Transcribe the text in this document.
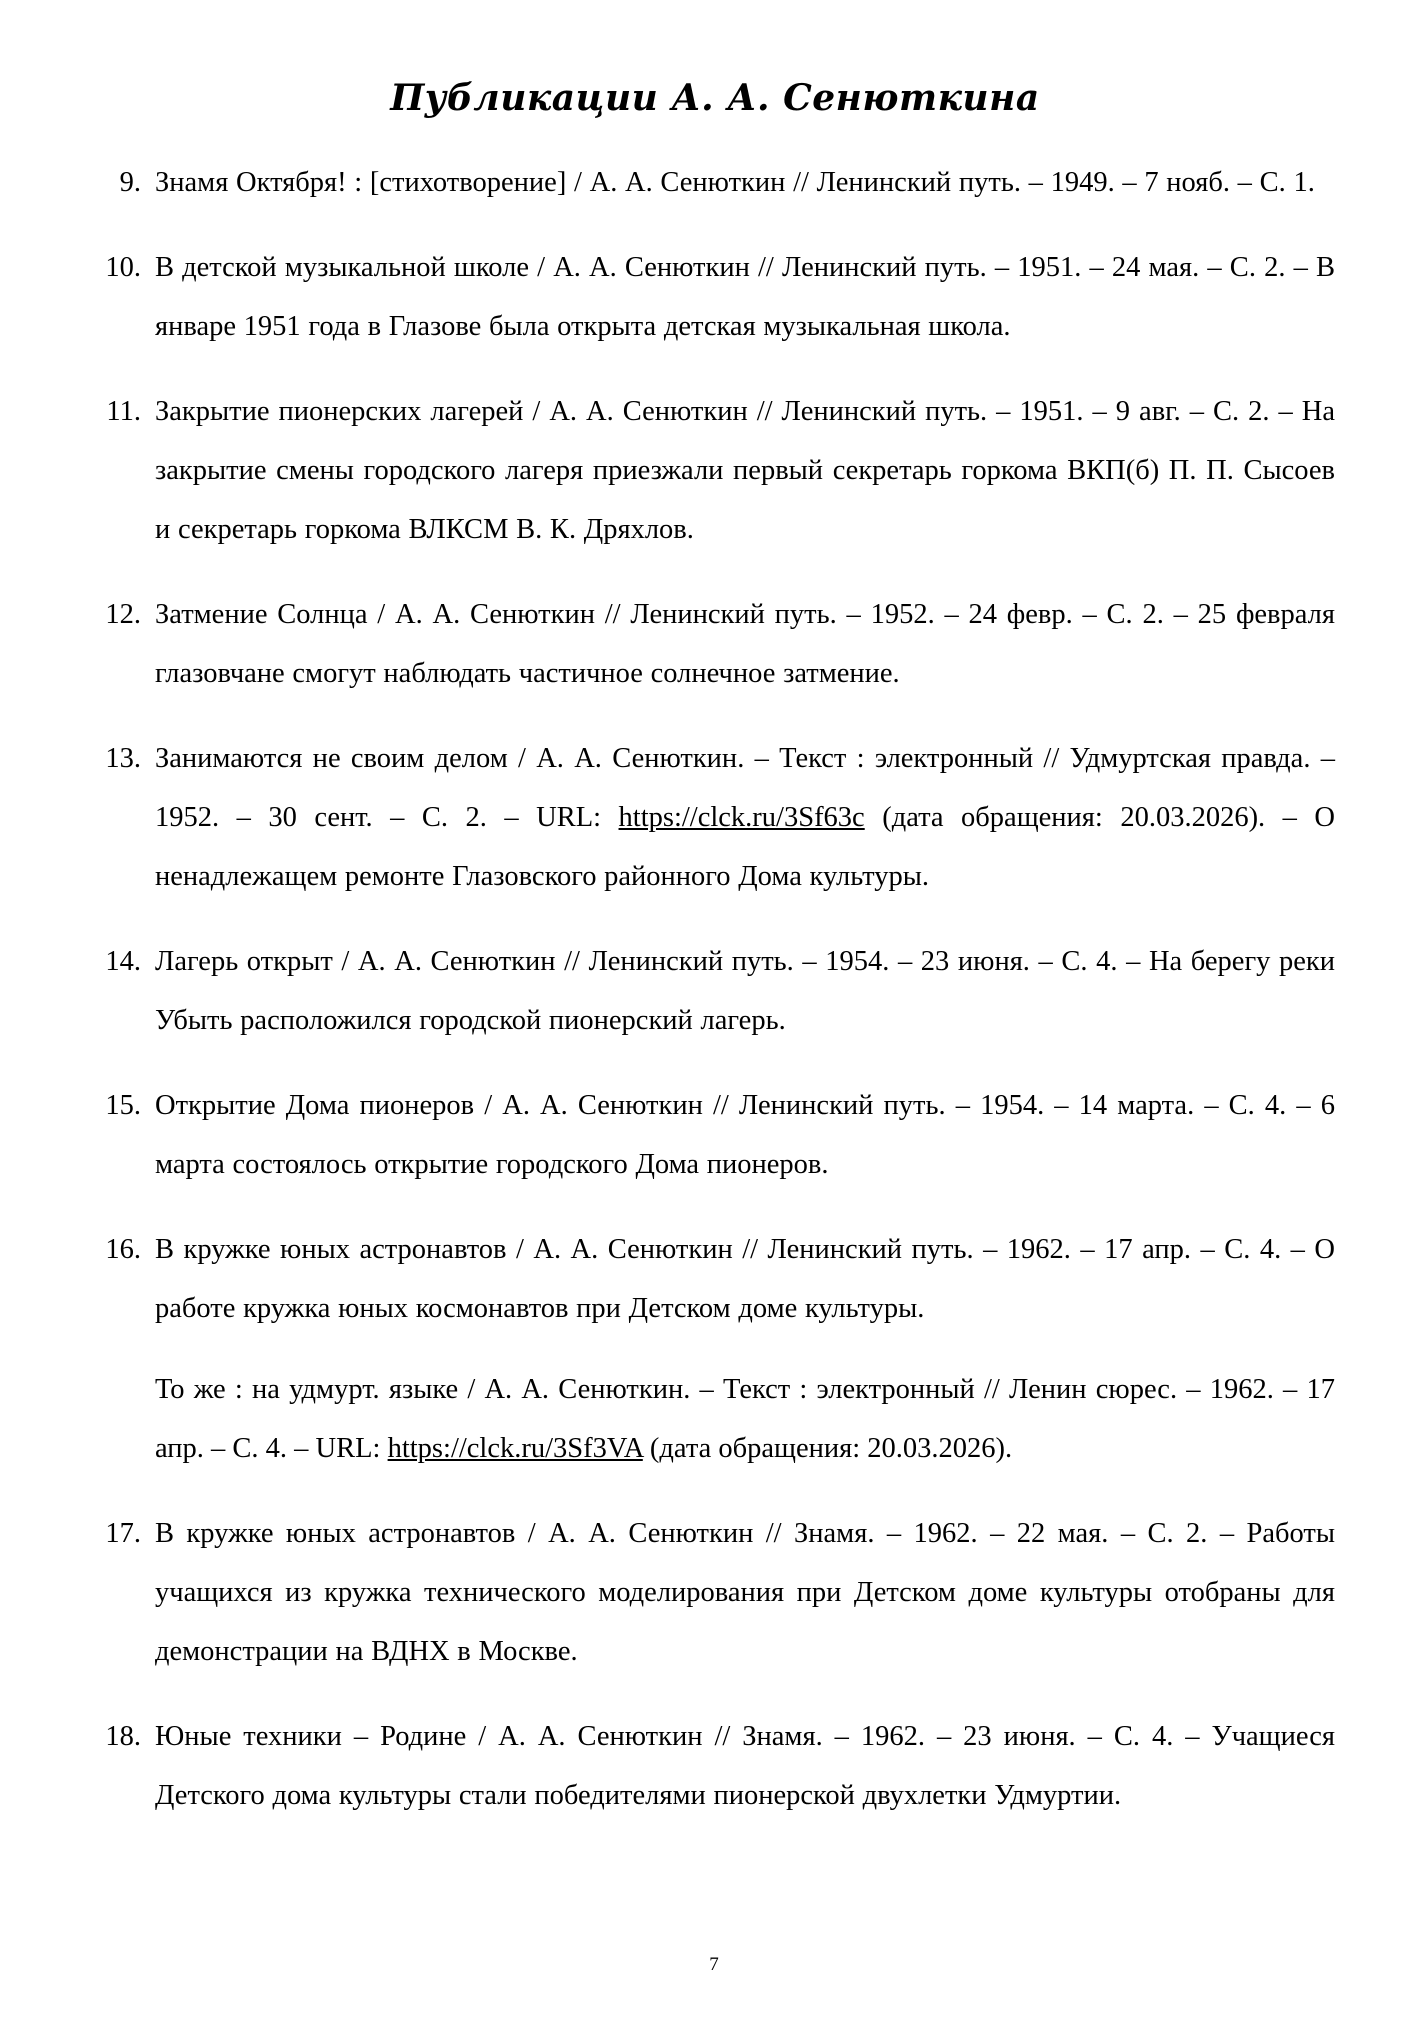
Публикации А. А. Сенюткина
9. Знамя Октября! : [стихотворение] / А. А. Сенюткин // Ленинский путь. – 1949. – 7 нояб. – С. 1.
10. В детской музыкальной школе / А. А. Сенюткин // Ленинский путь. – 1951. – 24 мая. – С. 2. – В январе 1951 года в Глазове была открыта детская музыкальная школа.
11. Закрытие пионерских лагерей / А. А. Сенюткин // Ленинский путь. – 1951. – 9 авг. – С. 2. – На закрытие смены городского лагеря приезжали первый секретарь горкома ВКП(б) П. П. Сысоев и секретарь горкома ВЛКСМ В. К. Дряхлов.
12. Затмение Солнца / А. А. Сенюткин // Ленинский путь. – 1952. – 24 февр. – С. 2. – 25 февраля глазовчане смогут наблюдать частичное солнечное затмение.
13. Занимаются не своим делом / А. А. Сенюткин. – Текст : электронный // Удмуртская правда. – 1952. – 30 сент. – С. 2. – URL: https://clck.ru/3Sf63c (дата обращения: 20.03.2026). – О ненадлежащем ремонте Глазовского районного Дома культуры.
14. Лагерь открыт / А. А. Сенюткин // Ленинский путь. – 1954. – 23 июня. – С. 4. – На берегу реки Убыть расположился городской пионерский лагерь.
15. Открытие Дома пионеров / А. А. Сенюткин // Ленинский путь. – 1954. – 14 марта. – С. 4. – 6 марта состоялось открытие городского Дома пионеров.
16. В кружке юных астронавтов / А. А. Сенюткин // Ленинский путь. – 1962. – 17 апр. – С. 4. – О работе кружка юных космонавтов при Детском доме культуры.
То же : на удмурт. языке / А. А. Сенюткин. – Текст : электронный // Ленин сюрес. – 1962. – 17 апр. – С. 4. – URL: https://clck.ru/3Sf3VA (дата обращения: 20.03.2026).
17. В кружке юных астронавтов / А. А. Сенюткин // Знамя. – 1962. – 22 мая. – С. 2. – Работы учащихся из кружка технического моделирования при Детском доме культуры отобраны для демонстрации на ВДНХ в Москве.
18. Юные техники – Родине / А. А. Сенюткин // Знамя. – 1962. – 23 июня. – С. 4. – Учащиеся Детского дома культуры стали победителями пионерской двухлетки Удмуртии.
7
